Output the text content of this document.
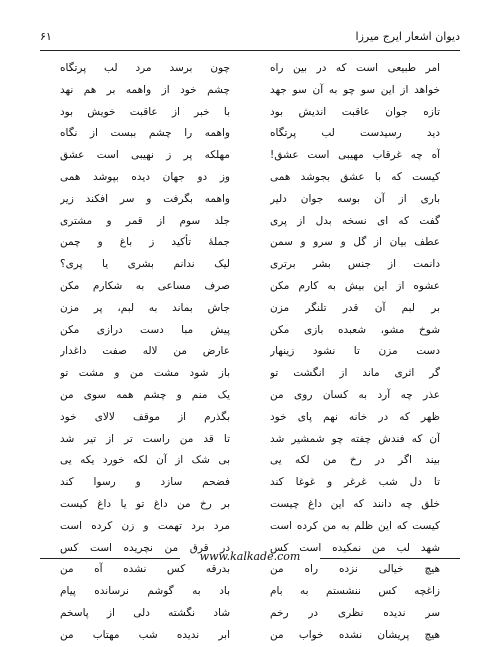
دیوان اشعار ایرج میرزا
۶۱
امر طبیعی است که در بین راه
چون برسد مرد لب پرتگاه
خواهد از این سو چو به آن سو جهد
چشم خود از واهمه بر هم نهد
تازه جوان عاقبت اندیش بود
با خبر از عاقبت خویش بود
دید رسیدست لب پرتگاه
واهمه را چشم ببست از نگاه
آه چه غرقاب مهیبی است عشق!
مهلکه پر ز نهیبی است عشق
کیست که با عشق بجوشد همی
وز دو جهان دیده بپوشد همی
باری از آن بوسه جوان دلیر
واهمه بگرفت و سر افکند زیر
گفت که ای نسخه بدل از پری
جلد سوم از قمر و مشتری
عطف بیان از گل و سرو و سمن
جملهٔ تأکید ز باغ و چمن
دانمت از جنس بشر برتری
لیک ندانم بشری یا پری؟
عشوه از این بیش به کارم مکن
صرف مساعی به شکارم مکن
بر لبم آن قدر تلنگر مزن
جاش بماند به لبم، پر مزن
شوخ مشو، شعبده بازی مکن
پیش مبا دست درازی مکن
دست مزن تا نشود زینهار
عارض من لاله صفت داغدار
گر اثری ماند از انگشت تو
باز شود مشت من و مشت تو
عذر چه آرد به کسان روی من
یک منم و چشم همه سوی من
ظهر که در خانه نهم پای خود
بگذرم از موقف لالای خود
آن که فندش چفته چو شمشیر شد
تا قد من راست تر از تیر شد
بیند اگر در رخ من لکه یی
بی شک از آن لکه خورد یکه یی
تا دل شب غرغر و غوغا کند
فضحم سازد و رسوا کند
خلق چه دانند که این داغ چیست
بر رخ من داغ تو یا داغ کیست
کیست که این ظلم به من کرده است
مرد برد تهمت و زن کرده است
شهد لب من نمکیده است کس
در قرق من نچریده است کس
هیچ خیالی نزده راه من
بدرقه کس نشده آه من
زاغچه کس ننشستم به بام
باد به گوشم نرسانده پیام
سر ندیده نظری در رخم
شاد نگشته دلی از پاسخم
هیچ پریشان نشده خواب من
ابر ندیده شب مهتاب من
www.kalkade.com
